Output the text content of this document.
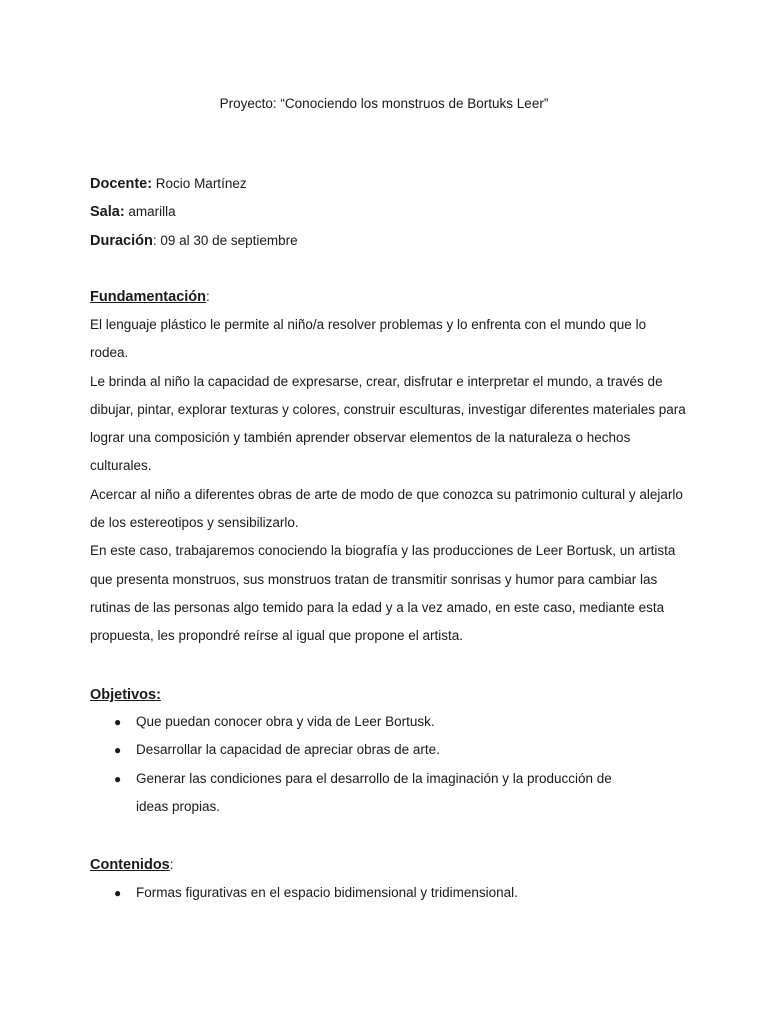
Proyecto: “Conociendo los monstruos de Bortuks Leer”
Docente: Rocio Martínez
Sala: amarilla
Duración: 09 al 30 de septiembre
Fundamentación:

El lenguaje plástico le permite al niño/a resolver problemas y lo enfrenta con el mundo que lo rodea.

Le brinda al niño la capacidad de expresarse, crear, disfrutar e interpretar el mundo, a través de dibujar, pintar, explorar texturas y colores, construir esculturas, investigar diferentes materiales para lograr una composición y también aprender observar elementos de la naturaleza o hechos culturales.

Acercar al niño a diferentes obras de arte de modo de que conozca su patrimonio cultural y alejarlo de los estereotipos y sensibilizarlo.

En este caso, trabajaremos conociendo la biografía y las producciones de Leer Bortusk, un artista que presenta monstruos, sus monstruos tratan de transmitir sonrisas y humor para cambiar las rutinas de las personas algo temido para la edad y a la vez amado, en este caso, mediante esta propuesta, les propondré reírse al igual que propone el artista.

Objetivos:
● Que puedan conocer obra y vida de Leer Bortusk.
● Desarrollar la capacidad de apreciar obras de arte.
● Generar las condiciones para el desarrollo de la imaginación y la producción de ideas propias.
Contenidos:
● Formas figurativas en el espacio bidimensional y tridimensional.
